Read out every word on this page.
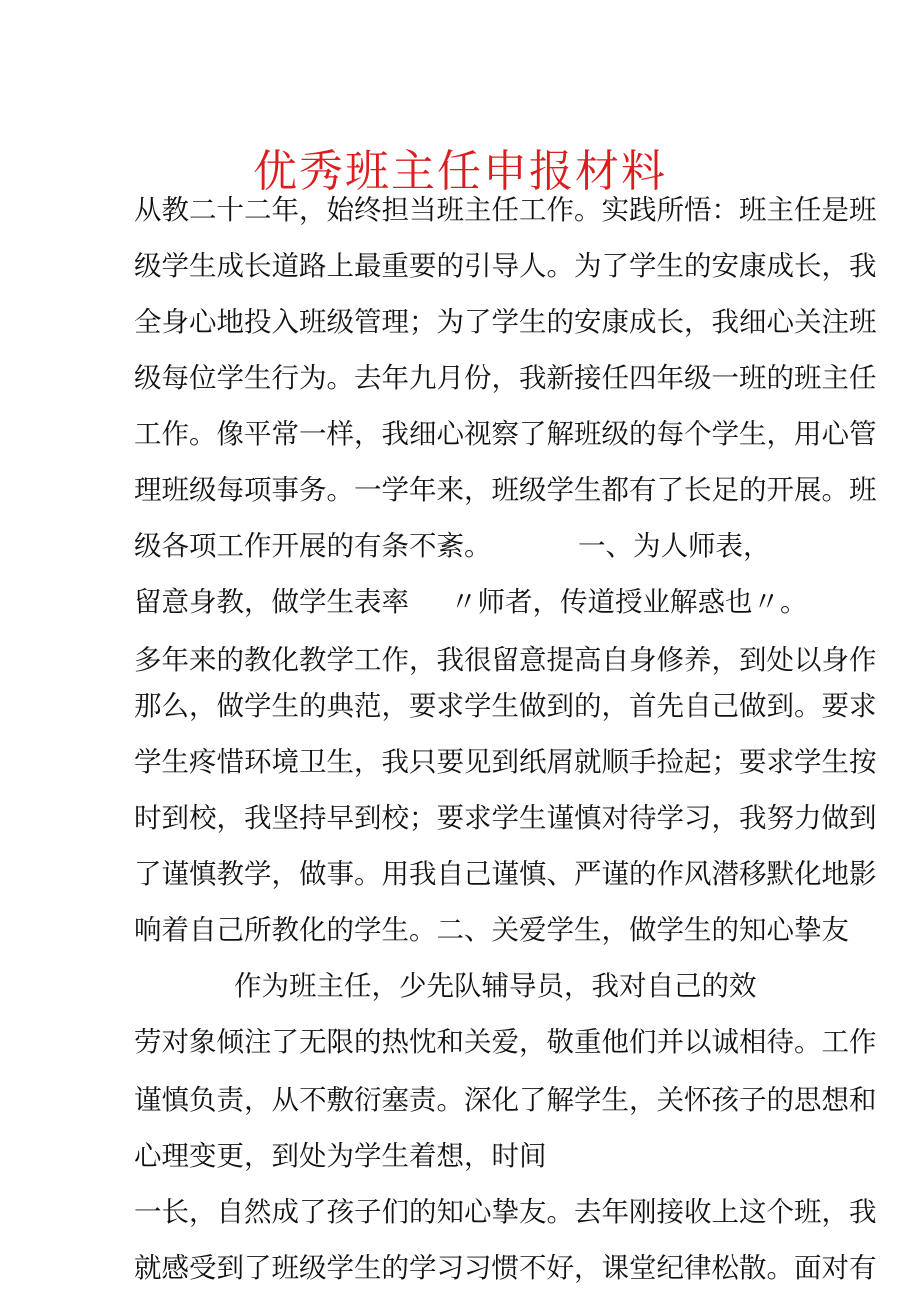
优秀班主任申报材料
从教二十二年，始终担当班主任工作。实践所悟：班主任是班
级学生成长道路上最重要的引导人。为了学生的安康成长，我
全身心地投入班级管理；为了学生的安康成长，我细心关注班
级每位学生行为。去年九月份，我新接任四年级一班的班主任
工作。像平常一样，我细心视察了解班级的每个学生，用心管
理班级每项事务。一学年来，班级学生都有了长足的开展。班
级各项工作开展的有条不紊。	一、为人师表，
留意身教，做学生表率 〃师者，传道授业解惑也〃。
多年来的教化教学工作，我很留意提高自身修养，到处以身作
那么，做学生的典范，要求学生做到的，首先自己做到。要求
学生疼惜环境卫生，我只要见到纸屑就顺手捡起；要求学生按
时到校，我坚持早到校；要求学生谨慎对待学习，我努力做到
了谨慎教学，做事。用我自己谨慎、严谨的作风潜移默化地影
响着自己所教化的学生。二、关爱学生，做学生的知心挚友
作为班主任，少先队辅导员，我对自己的效
劳对象倾注了无限的热忱和关爱，敬重他们并以诚相待。工作
谨慎负责，从不敷衍塞责。深化了解学生，关怀孩子的思想和
心理变更，到处为学生着想，时间
一长，自然成了孩子们的知心挚友。去年刚接收上这个班，我
就感受到了班级学生的学习习惯不好，课堂纪律松散。面对有
